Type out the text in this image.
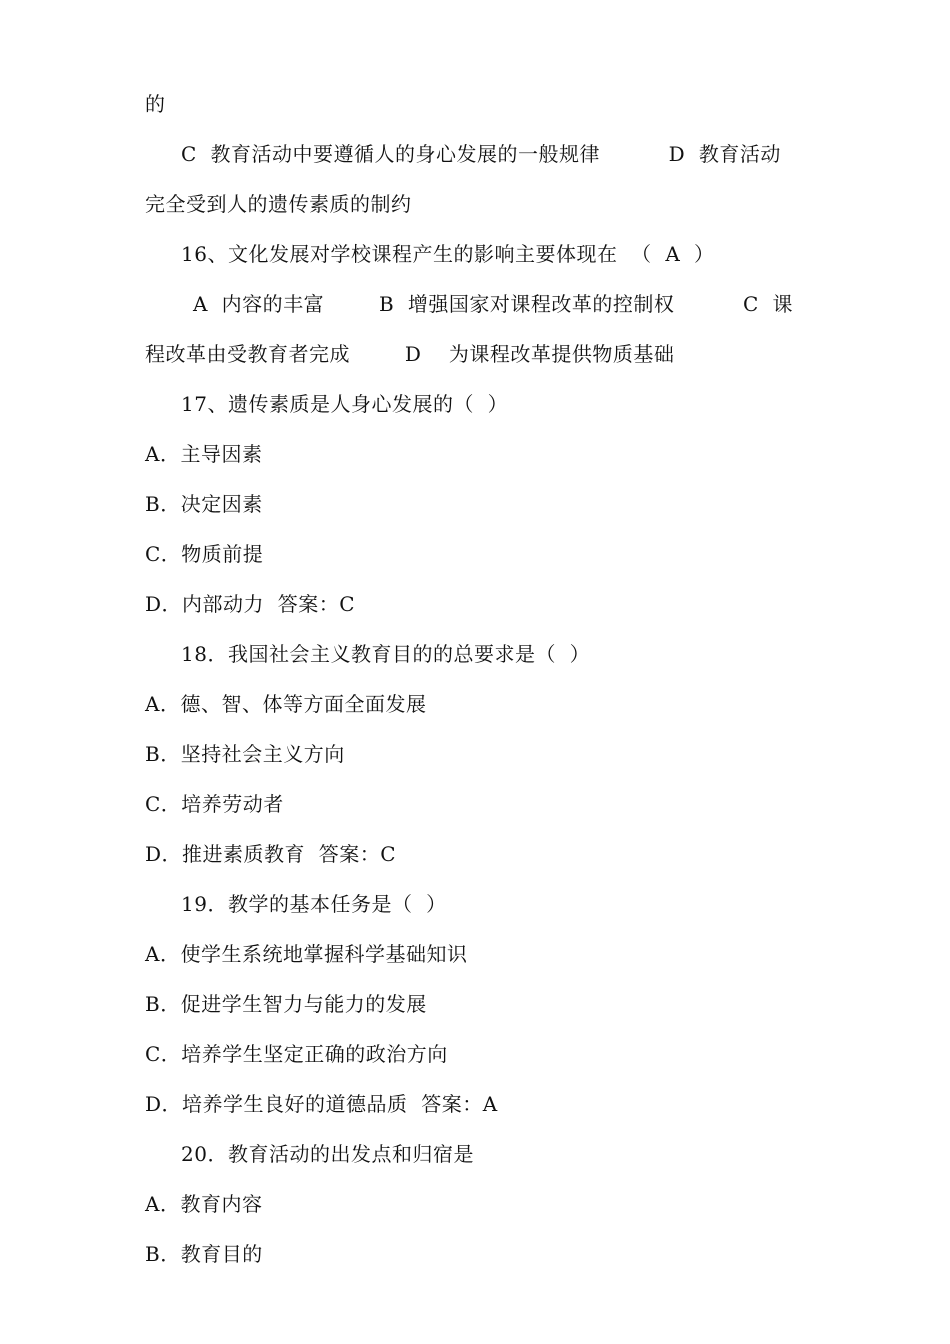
的
C  教育活动中要遵循人的身心发展的一般规律          D  教育活动
完全受到人的遗传素质的制约
16、文化发展对学校课程产生的影响主要体现在  （  A  ）
A  内容的丰富        B  增强国家对课程改革的控制权          C  课
程改革由受教育者完成        D    为课程改革提供物质基础
17、遗传素质是人身心发展的（  ）
A．主导因素
B．决定因素
C．物质前提
D．内部动力  答案：C
18．我国社会主义教育目的的总要求是（  ）
A．德、智、体等方面全面发展
B．坚持社会主义方向
C．培养劳动者
D．推进素质教育  答案：C
19．教学的基本任务是（  ）
A．使学生系统地掌握科学基础知识
B．促进学生智力与能力的发展
C．培养学生坚定正确的政治方向
D．培养学生良好的道德品质  答案：A
20．教育活动的出发点和归宿是
A．教育内容
B．教育目的
